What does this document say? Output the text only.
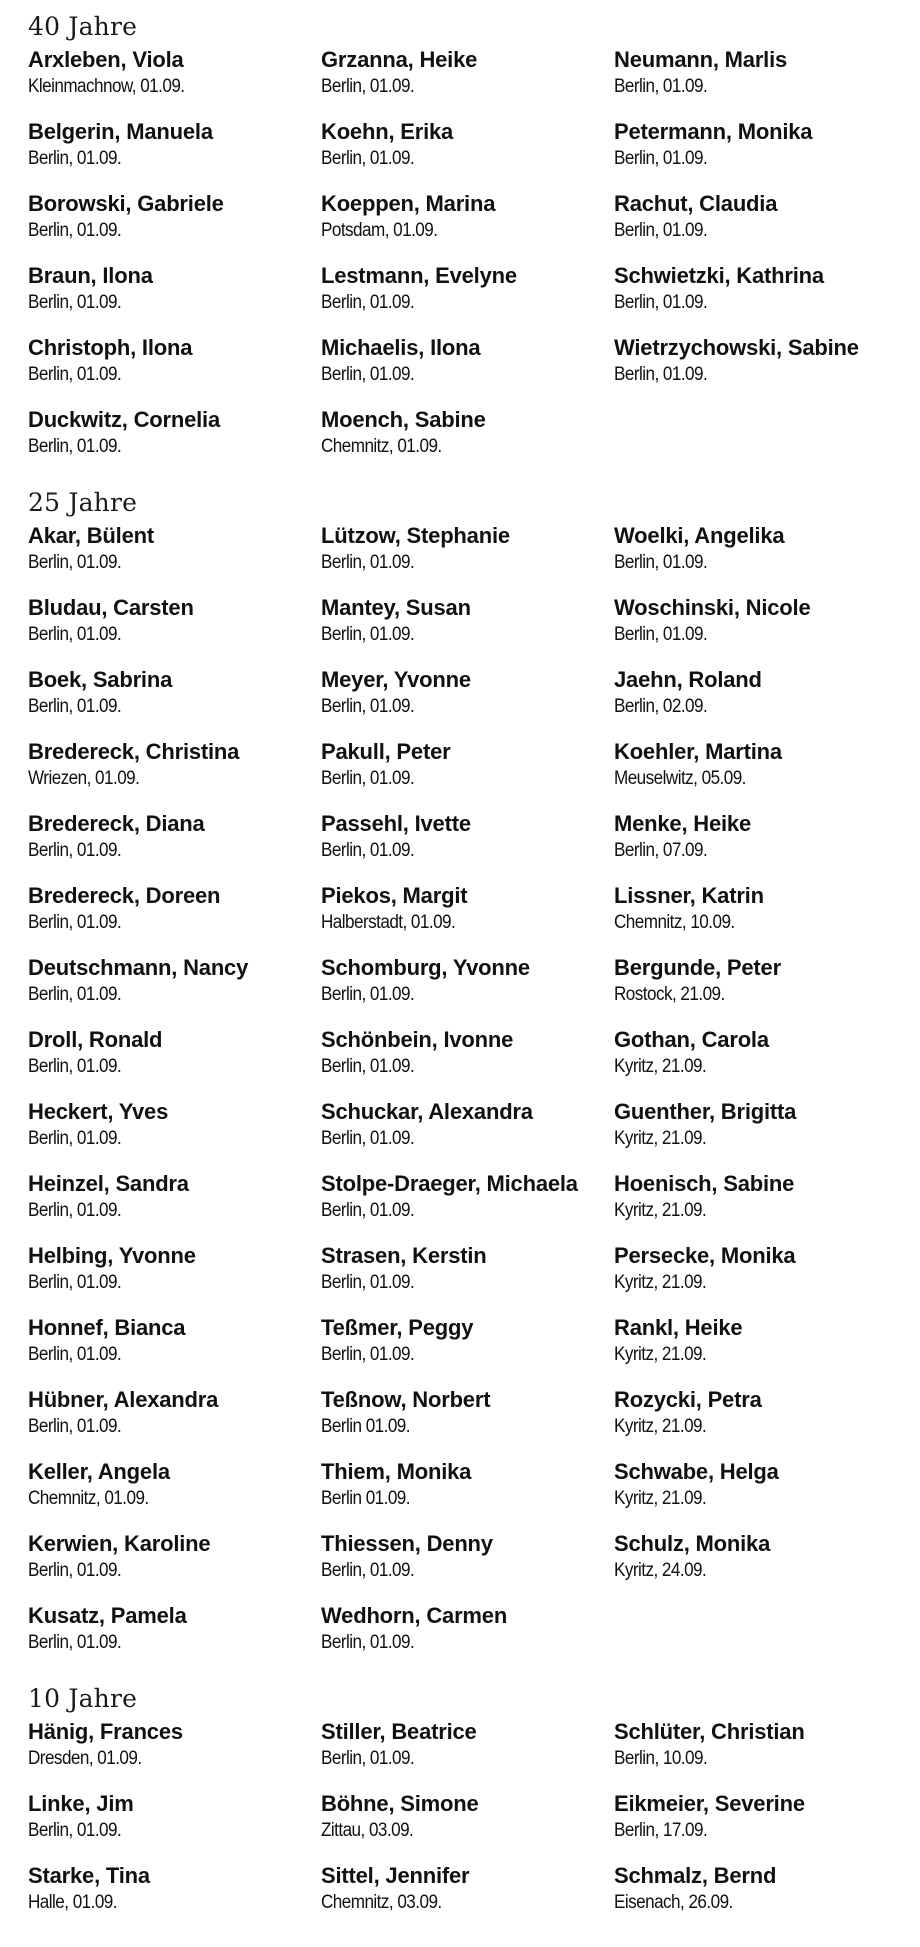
40 Jahre
Arxleben, Viola
Kleinmachnow, 01.09.
Belgerin, Manuela
Berlin, 01.09.
Borowski, Gabriele
Berlin, 01.09.
Braun, Ilona
Berlin, 01.09.
Christoph, Ilona
Berlin, 01.09.
Duckwitz, Cornelia
Berlin, 01.09.
Grzanna, Heike
Berlin, 01.09.
Koehn, Erika
Berlin, 01.09.
Koeppen, Marina
Potsdam, 01.09.
Lestmann, Evelyne
Berlin, 01.09.
Michaelis, Ilona
Berlin, 01.09.
Moench, Sabine
Chemnitz, 01.09.
Neumann, Marlis
Berlin, 01.09.
Petermann, Monika
Berlin, 01.09.
Rachut, Claudia
Berlin, 01.09.
Schwietzki, Kathrina
Berlin, 01.09.
Wietrzychowski, Sabine
Berlin, 01.09.
25 Jahre
Akar, Bülent
Berlin, 01.09.
Bludau, Carsten
Berlin, 01.09.
Boek, Sabrina
Berlin, 01.09.
Bredereck, Christina
Wriezen, 01.09.
Bredereck, Diana
Berlin, 01.09.
Bredereck, Doreen
Berlin, 01.09.
Deutschmann, Nancy
Berlin, 01.09.
Droll, Ronald
Berlin, 01.09.
Heckert, Yves
Berlin, 01.09.
Heinzel, Sandra
Berlin, 01.09.
Helbing, Yvonne
Berlin, 01.09.
Honnef, Bianca
Berlin, 01.09.
Hübner, Alexandra
Berlin, 01.09.
Keller, Angela
Chemnitz, 01.09.
Kerwien, Karoline
Berlin, 01.09.
Kusatz, Pamela
Berlin, 01.09.
Lützow, Stephanie
Berlin, 01.09.
Mantey, Susan
Berlin, 01.09.
Meyer, Yvonne
Berlin, 01.09.
Pakull, Peter
Berlin, 01.09.
Passehl, Ivette
Berlin, 01.09.
Piekos, Margit
Halberstadt, 01.09.
Schomburg, Yvonne
Berlin, 01.09.
Schönbein, Ivonne
Berlin, 01.09.
Schuckar, Alexandra
Berlin, 01.09.
Stolpe-Draeger, Michaela
Berlin, 01.09.
Strasen, Kerstin
Berlin, 01.09.
Teßmer, Peggy
Berlin, 01.09.
Teßnow, Norbert
Berlin 01.09.
Thiem, Monika
Berlin 01.09.
Thiessen, Denny
Berlin, 01.09.
Wedhorn, Carmen
Berlin, 01.09.
Woelki, Angelika
Berlin, 01.09.
Woschinski, Nicole
Berlin, 01.09.
Jaehn, Roland
Berlin, 02.09.
Koehler, Martina
Meuselwitz, 05.09.
Menke, Heike
Berlin, 07.09.
Lissner, Katrin
Chemnitz, 10.09.
Bergunde, Peter
Rostock, 21.09.
Gothan, Carola
Kyritz, 21.09.
Guenther, Brigitta
Kyritz, 21.09.
Hoenisch, Sabine
Kyritz, 21.09.
Persecke, Monika
Kyritz, 21.09.
Rankl, Heike
Kyritz, 21.09.
Rozycki, Petra
Kyritz, 21.09.
Schwabe, Helga
Kyritz, 21.09.
Schulz, Monika
Kyritz, 24.09.
10 Jahre
Hänig, Frances
Dresden, 01.09.
Linke, Jim
Berlin, 01.09.
Starke, Tina
Halle, 01.09.
Stiller, Beatrice
Berlin, 01.09.
Böhne, Simone
Zittau, 03.09.
Sittel, Jennifer
Chemnitz, 03.09.
Schlüter, Christian
Berlin, 10.09.
Eikmeier, Severine
Berlin, 17.09.
Schmalz, Bernd
Eisenach, 26.09.
